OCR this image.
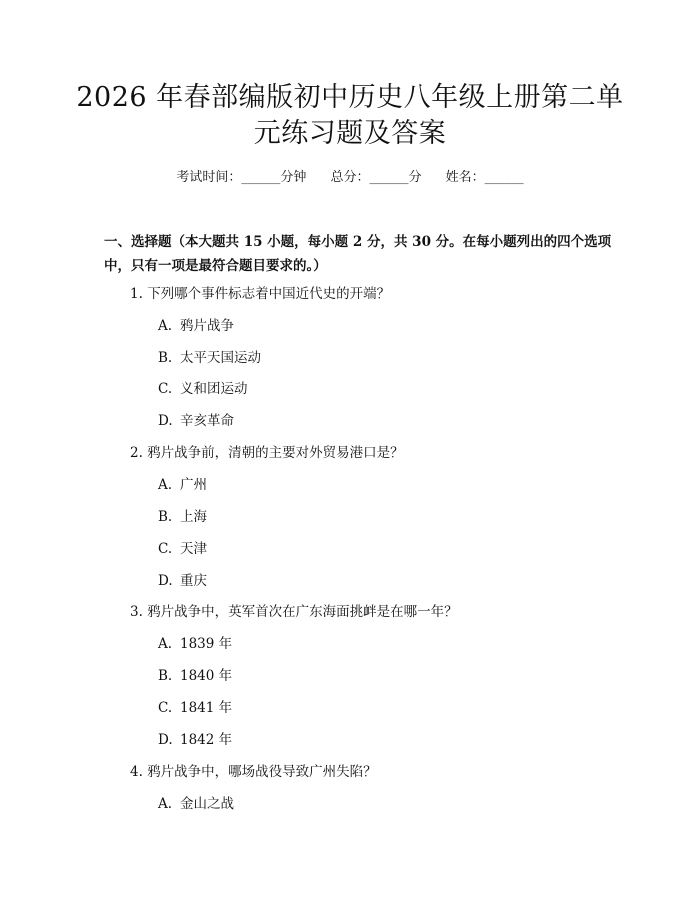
2026 年春部编版初中历史八年级上册第二单
元练习题及答案
考试时间：______分钟 总分：______分 姓名：______
一、选择题（本大题共 15 小题，每小题 2 分，共 30 分。在每小题列出的四个选项中，只有一项是最符合题目要求的。）
1. 下列哪个事件标志着中国近代史的开端？
A. 鸦片战争
B. 太平天国运动
C. 义和团运动
D. 辛亥革命
2. 鸦片战争前，清朝的主要对外贸易港口是？
A. 广州
B. 上海
C. 天津
D. 重庆
3. 鸦片战争中，英军首次在广东海面挑衅是在哪一年？
A. 1839 年
B. 1840 年
C. 1841 年
D. 1842 年
4. 鸦片战争中，哪场战役导致广州失陷？
A. 金山之战
